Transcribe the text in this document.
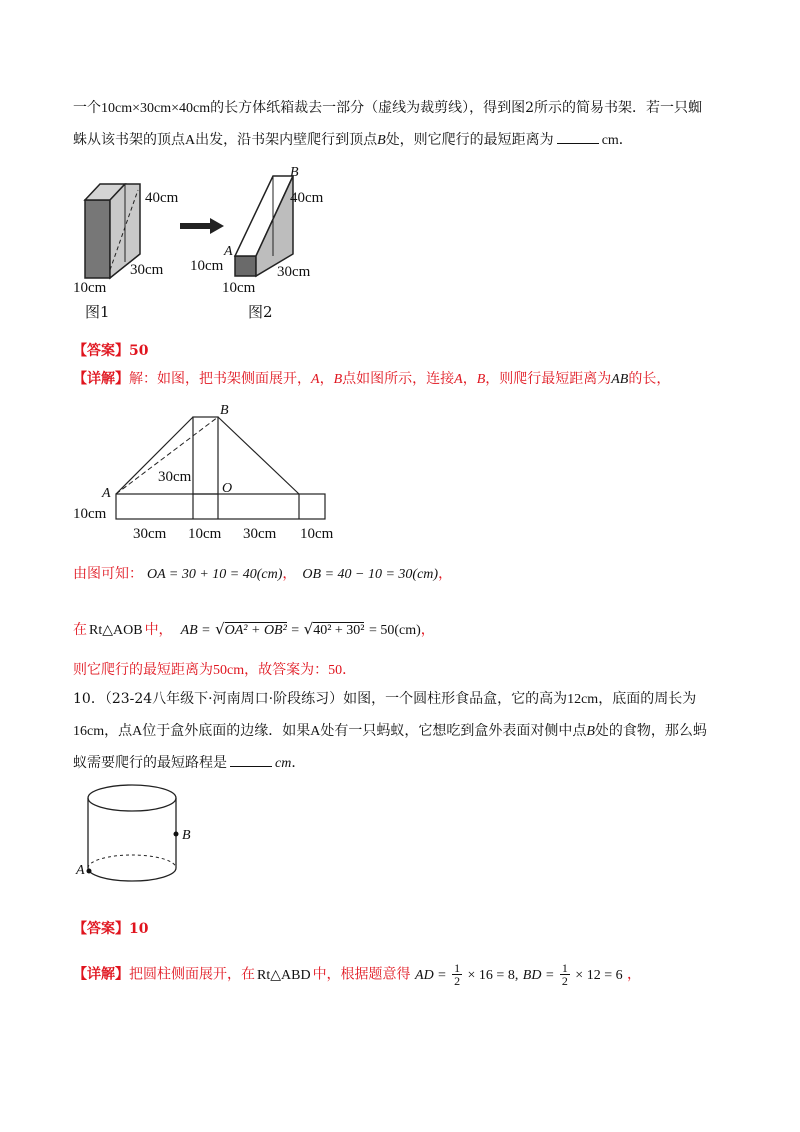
一个10cm×30cm×40cm的长方体纸箱裁去一部分（虚线为裁剪线），得到图2所示的简易书架．若一只蜘
蛛从该书架的顶点A出发，沿书架内壁爬行到顶点B处，则它爬行的最短距离为	cm．
40cm
30cm
10cm
图1
B
A
40cm
10cm	30cm
10cm
图2
【答案】50
【详解】解：如图，把书架侧面展开，A，B点如图所示，连接A，B，则爬行最短距离为AB的长，
B
30cm
O
A
10cm
30cm 10cm 30cm 10cm
由图可知： OA = 30 + 10 = 40(cm)， OB = 40 − 10 = 30(cm)，
在 Rt△AOB 中， AB = √OA² + OB² = √40² + 30² = 50(cm)，
则它爬行的最短距离为50cm，故答案为：50．
10．（23-24八年级下·河南周口·阶段练习）如图，一个圆柱形食品盒，它的高为12cm，底面的周长为
16cm，点A位于盒外底面的边缘．如果A处有一只蚂蚁，它想吃到盒外表面对侧中点B处的食物，那么蚂
蚁需要爬行的最短路程是	cm．
B
A
【答案】10
【详解】把圆柱侧面展开，在 Rt△ABD 中，根据题意得 AD = $\frac{1}{2} \times 16 = 8$, BD = $\frac{1}{2} \times 12 = 6$ ，
